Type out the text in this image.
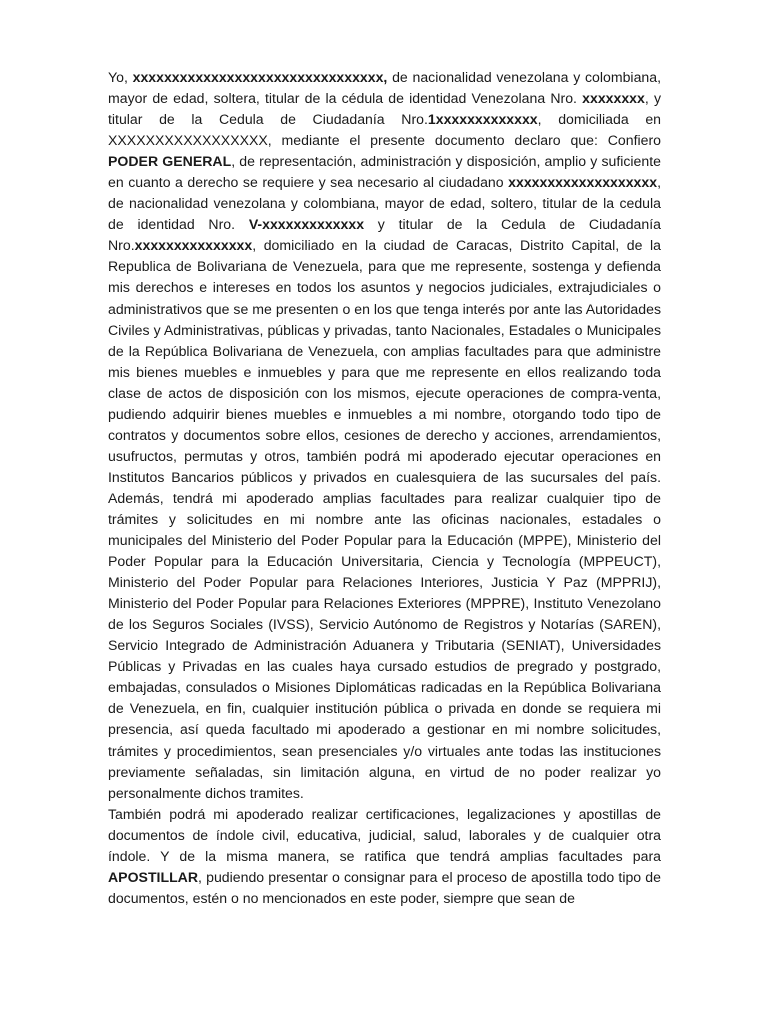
Yo, xxxxxxxxxxxxxxxxxxxxxxxxxxxxxxxx, de nacionalidad venezolana y colombiana, mayor de edad, soltera, titular de la cédula de identidad Venezolana Nro. xxxxxxxx, y titular de la Cedula de Ciudadanía Nro.1xxxxxxxxxxxxx, domiciliada en XXXXXXXXXXXXXXXXX, mediante el presente documento declaro que: Confiero PODER GENERAL, de representación, administración y disposición, amplio y suficiente en cuanto a derecho se requiere y sea necesario al ciudadano xxxxxxxxxxxxxxxxxxx, de nacionalidad venezolana y colombiana, mayor de edad, soltero, titular de la cedula de identidad Nro. V-xxxxxxxxxxxxx y titular de la Cedula de Ciudadanía Nro.xxxxxxxxxxxxxxx, domiciliado en la ciudad de Caracas, Distrito Capital, de la Republica de Bolivariana de Venezuela, para que me represente, sostenga y defienda mis derechos e intereses en todos los asuntos y negocios judiciales, extrajudiciales o administrativos que se me presenten o en los que tenga interés por ante las Autoridades Civiles y Administrativas, públicas y privadas, tanto Nacionales, Estadales o Municipales de la República Bolivariana de Venezuela, con amplias facultades para que administre mis bienes muebles e inmuebles y para que me represente en ellos realizando toda clase de actos de disposición con los mismos, ejecute operaciones de compra-venta, pudiendo adquirir bienes muebles e inmuebles a mi nombre, otorgando todo tipo de contratos y documentos sobre ellos, cesiones de derecho y acciones, arrendamientos, usufructos, permutas y otros, también podrá mi apoderado ejecutar operaciones en Institutos Bancarios públicos y privados en cualesquiera de las sucursales del país. Además, tendrá mi apoderado amplias facultades para realizar cualquier tipo de trámites y solicitudes en mi nombre ante las oficinas nacionales, estadales o municipales del Ministerio del Poder Popular para la Educación (MPPE), Ministerio del Poder Popular para la Educación Universitaria, Ciencia y Tecnología (MPPEUCT), Ministerio del Poder Popular para Relaciones Interiores, Justicia Y Paz (MPPRIJ), Ministerio del Poder Popular para Relaciones Exteriores (MPPRE), Instituto Venezolano de los Seguros Sociales (IVSS), Servicio Autónomo de Registros y Notarías (SAREN), Servicio Integrado de Administración Aduanera y Tributaria (SENIAT), Universidades Públicas y Privadas en las cuales haya cursado estudios de pregrado y postgrado, embajadas, consulados o Misiones Diplomáticas radicadas en la República Bolivariana de Venezuela, en fin, cualquier institución pública o privada en donde se requiera mi presencia, así queda facultado mi apoderado a gestionar en mi nombre solicitudes, trámites y procedimientos, sean presenciales y/o virtuales ante todas las instituciones previamente señaladas, sin limitación alguna, en virtud de no poder realizar yo personalmente dichos tramites.

También podrá mi apoderado realizar certificaciones, legalizaciones y apostillas de documentos de índole civil, educativa, judicial, salud, laborales y de cualquier otra índole. Y de la misma manera, se ratifica que tendrá amplias facultades para APOSTILLAR, pudiendo presentar o consignar para el proceso de apostilla todo tipo de documentos, estén o no mencionados en este poder, siempre que sean de
